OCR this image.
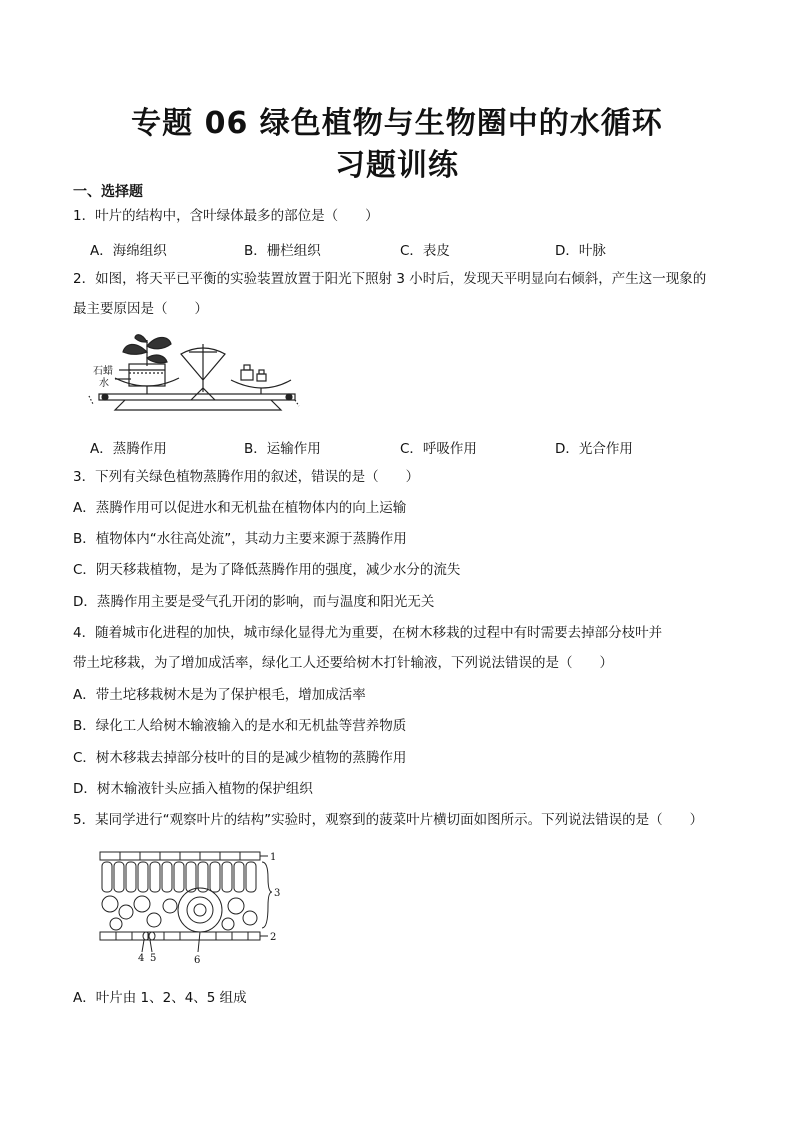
专题 06 绿色植物与生物圈中的水循环
习题训练
一、选择题
1．叶片的结构中，含叶绿体最多的部位是（　　）
A．海绵组织	B．栅栏组织	C．表皮	D．叶脉
2．如图，将天平已平衡的实验装置放置于阳光下照射 3 小时后，发现天平明显向右倾斜，产生这一现象的
最主要原因是（　　）
石蜡
水
A．蒸腾作用	B．运输作用	C．呼吸作用	D．光合作用
3．下列有关绿色植物蒸腾作用的叙述，错误的是（　　）
A．蒸腾作用可以促进水和无机盐在植物体内的向上运输
B．植物体内“水往高处流”，其动力主要来源于蒸腾作用
C．阴天移栽植物，是为了降低蒸腾作用的强度，减少水分的流失
D．蒸腾作用主要是受气孔开闭的影响，而与温度和阳光无关
4．随着城市化进程的加快，城市绿化显得尤为重要，在树木移栽的过程中有时需要去掉部分枝叶并
带土坨移栽，为了增加成活率，绿化工人还要给树木打针输液，下列说法错误的是（　　）
A．带土坨移栽树木是为了保护根毛，增加成活率
B．绿化工人给树木输液输入的是水和无机盐等营养物质
C．树木移栽去掉部分枝叶的目的是减少植物的蒸腾作用
D．树木输液针头应插入植物的保护组织
5．某同学进行“观察叶片的结构”实验时，观察到的菠菜叶片横切面如图所示。下列说法错误的是（　　）
1
2
3
4 5	6
A．叶片由 1、2、4、5 组成
